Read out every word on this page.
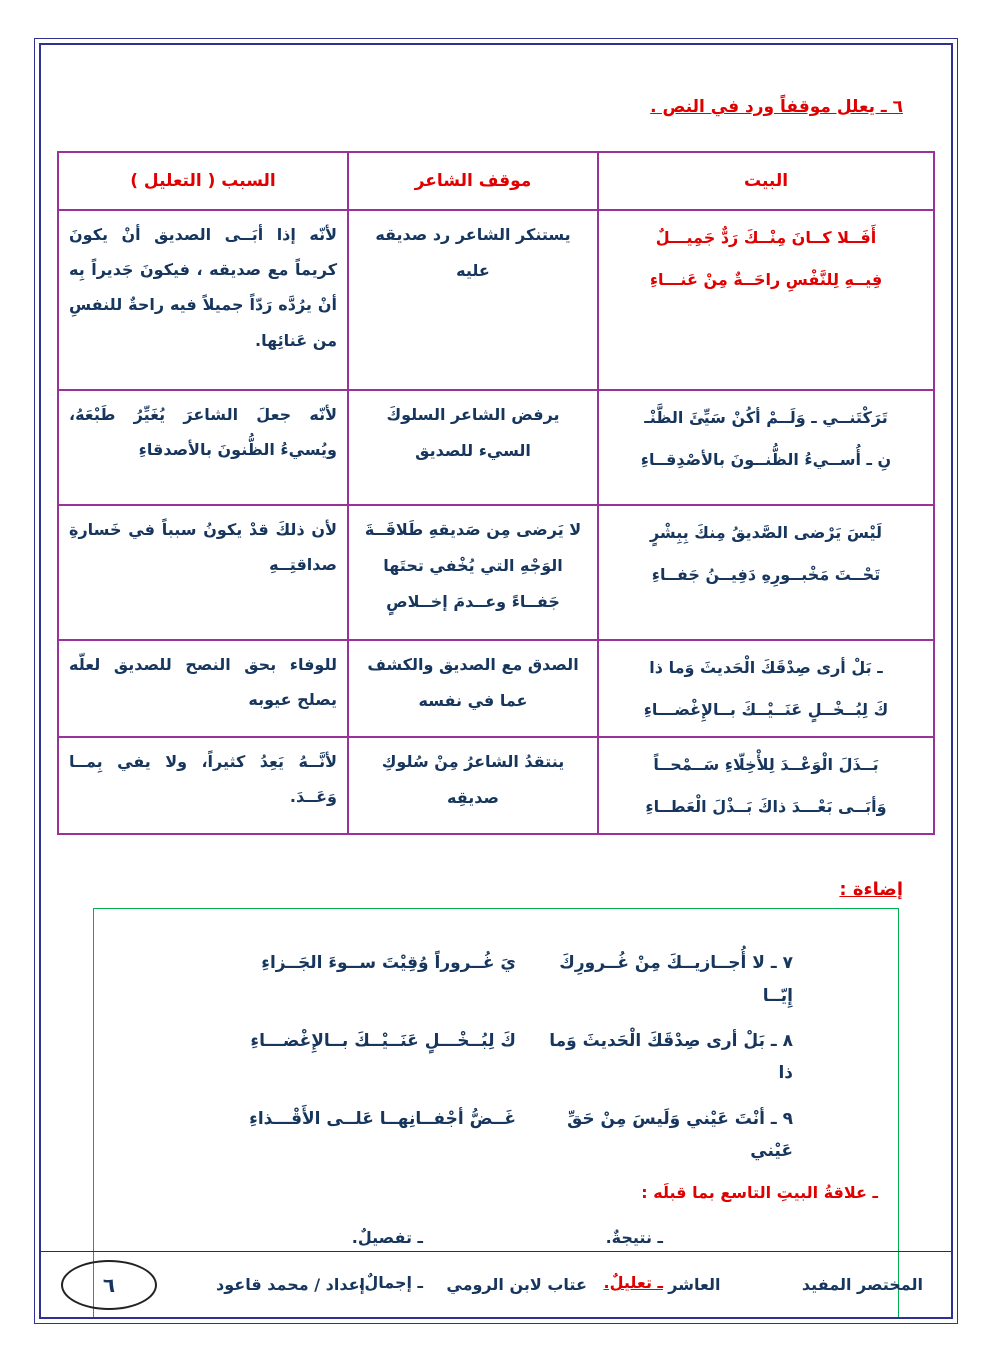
٦ ـ يعلل موقفاً ورد في النص .
البيت	موقف الشاعر	السبب ( التعليل )

أَفَــلا كــانَ مِنْــكَ رَدٌّ جَمِيـــلٌ
فِيــهِ لِلنَّفْسِ راحَــةٌ مِنْ عَنـــاءِ	يستنكر الشاعر رد صديقه عليه	لأنّه إذا أبَــى الصديق أنْ يكونَ كريماً مع صديقه ، فيكونَ جَديراً بِه أنْ يرُدَّه رَدّاً جميلاً فيه راحةٌ للنفسِ من عَنائِها.

تَرَكْتَنــي ـ وَلَــمْ أكُنْ سَيِّئَ الظَّنْـ
نِ ـ أُســيءُ الظُّنــونَ بالأصْدِقــاءِ	يرفض الشاعر السلوكَ السيء للصديق	لأنّه جعلَ الشاعرَ يُغَيِّرُ طَبْعَهُ، ويُسيءُ الظُّنونَ بالأصدقاءِ

لَيْسَ يَرْضى الصَّديقُ مِنكَ بِبِشْرٍ
تَحْــتَ مَخْبــورِهِ دَفِيــنُ جَفــاءِ	لا يَرضى مِن صَديقهِ طَلاقَــةَ الوَجْهِ التي يُخْفي تحتَها جَفــاءً وعــدمَ إخــلاصٍ	لأن ذلكَ قدْ يكونُ سبباً في خَسارةِ صداقتِــهِ

ـ بَلْ أرى صِدْقَكَ الْحَديثَ وَما ذا
كَ لِبُــخْــلٍ عَنَــيْــكَ بــالإِغْضـــاءِ	الصدق مع الصديق والكشف عما في نفسه	للوفاء بحق النصح للصديق لعلّه يصلح عيوبه

بَــذَلَ الْوَعْــدَ لِلأْخِلّاءِ سَــمْحــاً
وَأبَــى بَعْـــدَ ذاكَ بَــذْلَ الْعَطــاءِ	ينتقدُ الشاعرُ مِنْ سُلوكِ صديقِه	لأنَّــهُ يَعِدُ كثيراً، ولا يفي بِمــا وَعَــدَ.
إضاءة :
٧ ـ لا أُجــازيــكَ مِنْ غُــرورِكَ إِيّــا
يَ غُــروراً وُقِيْتَ ســوءَ الجَــزاءِ
٨ ـ بَلْ أرى صِدْقَكَ الْحَديثَ وَما ذا
كَ لِبُــخْـــلٍ عَنَــيْــكَ بــالإِغْضـــاءِ
٩ ـ أنْتَ عَيْني وَلَيسَ مِنْ حَقِّ عَيْني
غَــضُّ أجْفــانِهــا عَلــى الأَقْـــذاءِ
ـ علاقةُ البيتِ التاسع بما قبلَه :
ـ نتيجةٌ.
ـ تفصيلٌ.
ـ تعليلٌ.
ـ إجمالٌ.	المختصر المفيد
العاشر
عتاب لابن الرومي
إعداد / محمد قاعود
٦
